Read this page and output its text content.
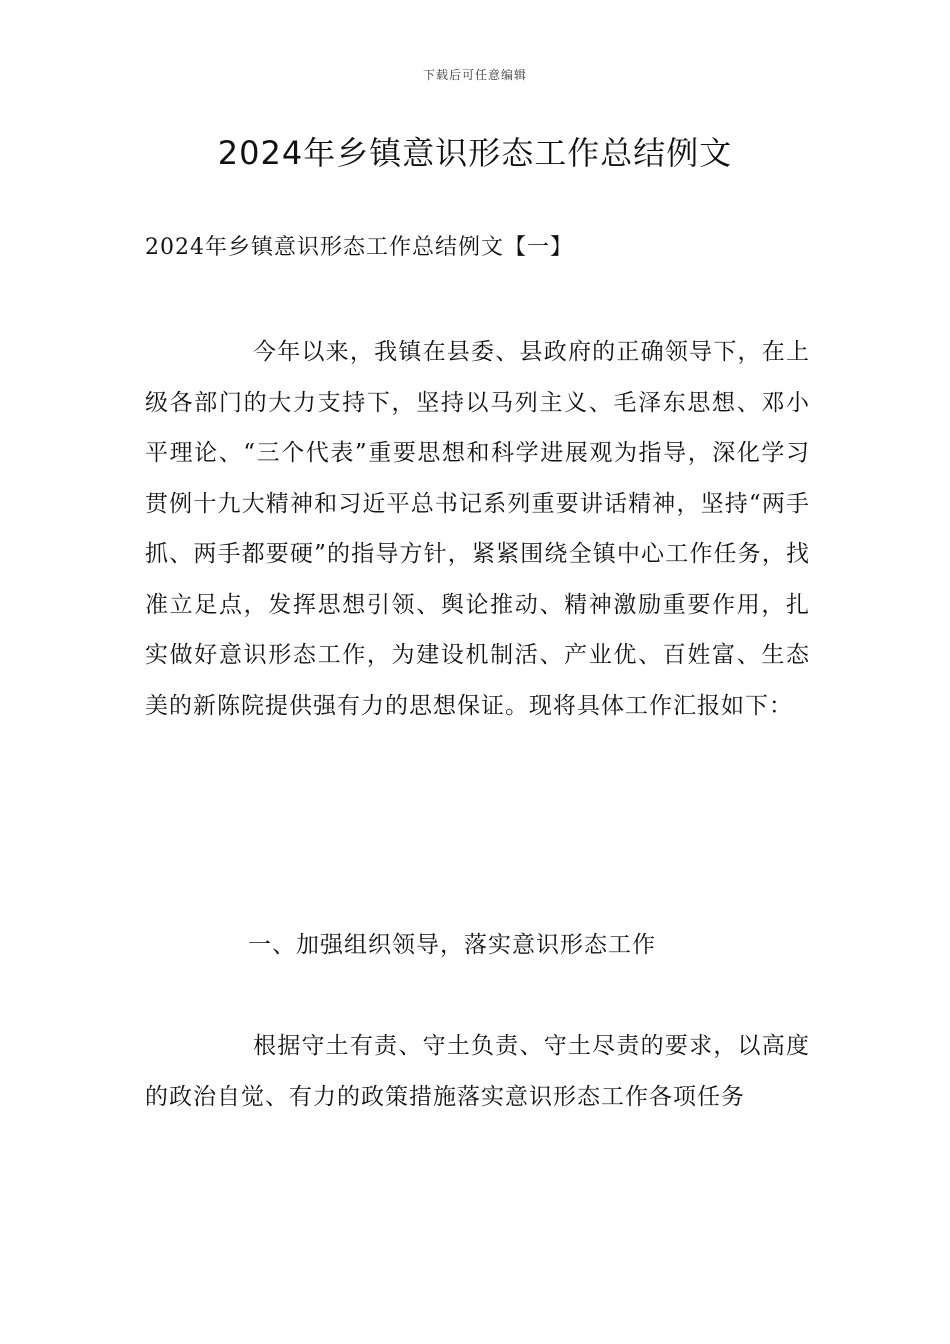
下载后可任意编辑
2024年乡镇意识形态工作总结例文
2024年乡镇意识形态工作总结例文【一】

今年以来，我镇在县委、县政府的正确领导下，在上级各部门的大力支持下，坚持以马列主义、毛泽东思想、邓小平理论、“三个代表”重要思想和科学进展观为指导，深化学习贯例十九大精神和习近平总书记系列重要讲话精神，坚持“两手抓、两手都要硬”的指导方针，紧紧围绕全镇中心工作任务，找准立足点，发挥思想引领、舆论推动、精神激励重要作用，扎实做好意识形态工作，为建设机制活、产业优、百姓富、生态美的新陈院提供强有力的思想保证。现将具体工作汇报如下：

一、加强组织领导，落实意识形态工作

根据守土有责、守土负责、守土尽责的要求，以高度的政治自觉、有力的政策措施落实意识形态工作各项任务
